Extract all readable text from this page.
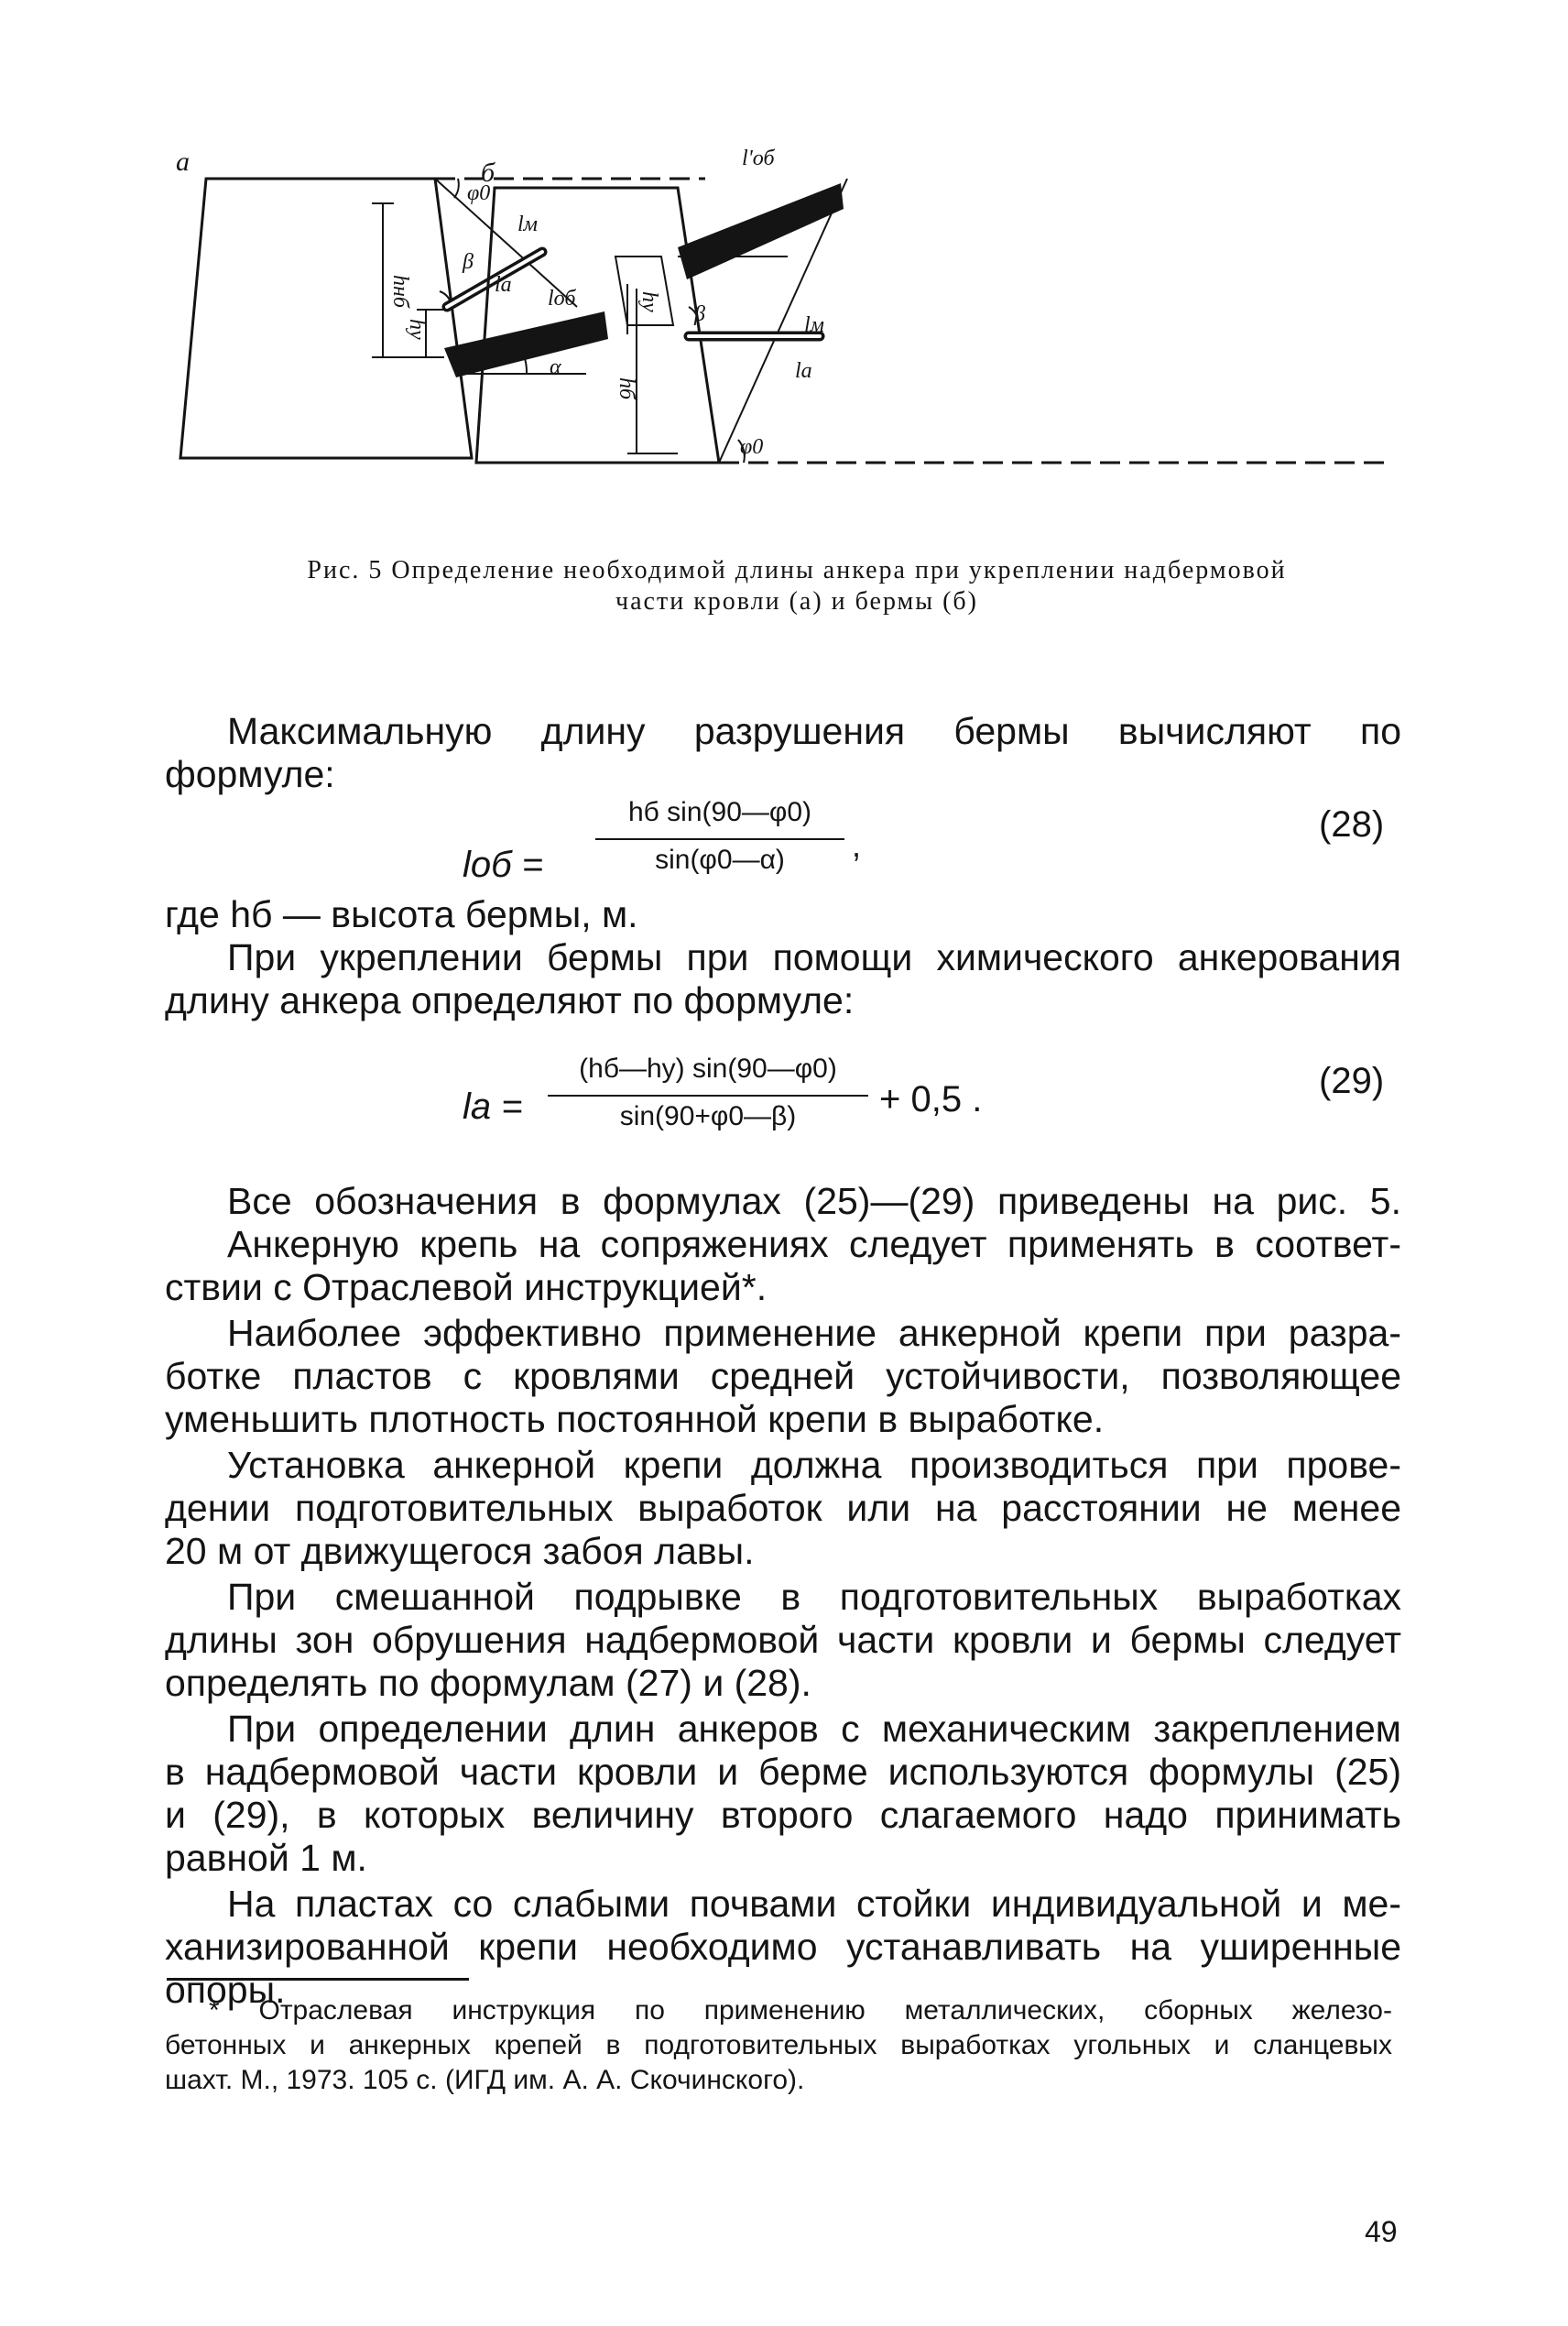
а
φ0
lм
β
hнб
hу
lа
lоб
α
б	l'об
α
hу
β	lм
hб
lа
φ0
Рис. 5 Определение необходимой длины анкера при укреплении надбермовой
части кровли (а) и бермы (б)
Максимальную длину разрушения бермы вычисляют по
формуле:
lоб =
hб sin(90—φ0)
sin(φ0—α)	,
(28)
где hб — высота бермы, м.
При укреплении бермы при помощи химического анкерования
длину анкера определяют по формуле:
lа =
(hб—hу) sin(90—φ0)
sin(90+φ0—β)	+ 0,5 .	(29)
Все обозначения в формулах (25)—(29) приведены на рис. 5.
Анкерную крепь на сопряжениях следует применять в соответ-
ствии с Отраслевой инструкцией*.
Наиболее эффективно применение анкерной крепи при разра-
ботке пластов с кровлями средней устойчивости, позволяющее
уменьшить плотность постоянной крепи в выработке.
Установка анкерной крепи должна производиться при прове-
дении подготовительных выработок или на расстоянии не менее
20 м от движущегося забоя лавы.
При смешанной подрывке в подготовительных выработках
длины зон обрушения надбермовой части кровли и бермы следует
определять по формулам (27) и (28).
При определении длин анкеров с механическим закреплением
в надбермовой части кровли и берме используются формулы (25)
и (29), в которых величину второго слагаемого надо принимать
равной 1 м.
На пластах со слабыми почвами стойки индивидуальной и ме-
ханизированной крепи необходимо устанавливать на уширенные
опоры.
* Отраслевая инструкция по применению металлических, сборных железо-
бетонных и анкерных крепей в подготовительных выработках угольных и сланцевых
шахт. М., 1973. 105 с. (ИГД им. А. А. Скочинского).
49
